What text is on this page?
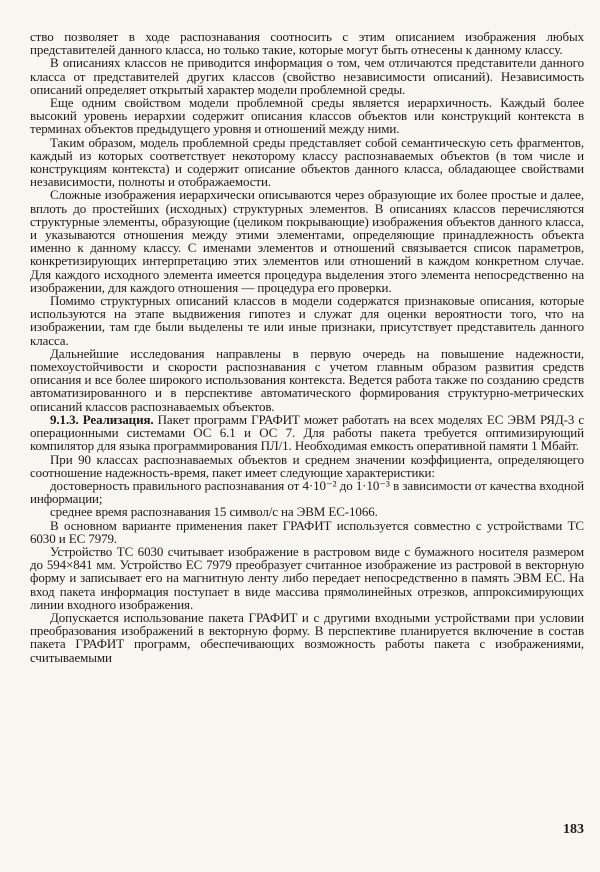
ство позволяет в ходе распознавания соотносить с этим описанием изображения любых представителей данного класса, но только такие, которые могут быть отнесены к данному классу.

В описаниях классов не приводится информация о том, чем отличаются представители данного класса от представителей других классов (свойство независимости описаний). Независимость описаний определяет открытый характер модели проблемной среды.

Еще одним свойством модели проблемной среды является иерархичность. Каждый более высокий уровень иерархии содержит описания классов объектов или конструкций контекста в терминах объектов предыдущего уровня и отношений между ними.

Таким образом, модель проблемной среды представляет собой семантическую сеть фрагментов, каждый из которых соответствует некоторому классу распознаваемых объектов (в том числе и конструкциям контекста) и содержит описание объектов данного класса, обладающее свойствами независимости, полноты и отображаемости.

Сложные изображения иерархически описываются через образующие их более простые и далее, вплоть до простейших (исходных) структурных элементов. В описаниях классов перечисляются структурные элементы, образующие (целиком покрывающие) изображения объектов данного класса, и указываются отношения между этими элементами, определяющие принадлежность объекта именно к данному классу. С именами элементов и отношений связывается список параметров, конкретизирующих интерпретацию этих элементов или отношений в каждом конкретном случае. Для каждого исходного элемента имеется процедура выделения этого элемента непосредственно на изображении, для каждого отношения — процедура его проверки.

Помимо структурных описаний классов в модели содержатся признаковые описания, которые используются на этапе выдвижения гипотез и служат для оценки вероятности того, что на изображении, там где были выделены те или иные признаки, присутствует представитель данного класса.

Дальнейшие исследования направлены в первую очередь на повышение надежности, помехоустойчивости и скорости распознавания с учетом главным образом развития средств описания и все более широкого использования контекста. Ведется работа также по созданию средств автоматизированного и в перспективе автоматического формирования структурно-метрических описаний классов распознаваемых объектов.

9.1.3. Реализация. Пакет программ ГРАФИТ может работать на всех моделях ЕС ЭВМ РЯД-3 с операционными системами ОС 6.1 и ОС 7. Для работы пакета требуется оптимизирующий компилятор для языка программирования ПЛ/1. Необходимая емкость оперативной памяти 1 Мбайт.

При 90 классах распознаваемых объектов и среднем значении коэффициента, определяющего соотношение надежность-время, пакет имеет следующие характеристики:

достоверность правильного распознавания от 4·10⁻² до 1·10⁻³ в зависимости от качества входной информации;

среднее время распознавания 15 символ/с на ЭВМ ЕС-1066.

В основном варианте применения пакет ГРАФИТ используется совместно с устройствами ТС 6030 и ЕС 7979.

Устройство ТС 6030 считывает изображение в растровом виде с бумажного носителя размером до 594×841 мм. Устройство ЕС 7979 преобразует считанное изображение из растровой в векторную форму и записывает его на магнитную ленту либо передает непосредственно в память ЭВМ ЕС. На вход пакета информация поступает в виде массива прямолинейных отрезков, аппроксимирующих линии входного изображения.

Допускается использование пакета ГРАФИТ и с другими входными устройствами при условии преобразования изображений в векторную форму. В перспективе планируется включение в состав пакета ГРАФИТ программ, обеспечивающих возможность работы пакета с изображениями, считываемыми

183
